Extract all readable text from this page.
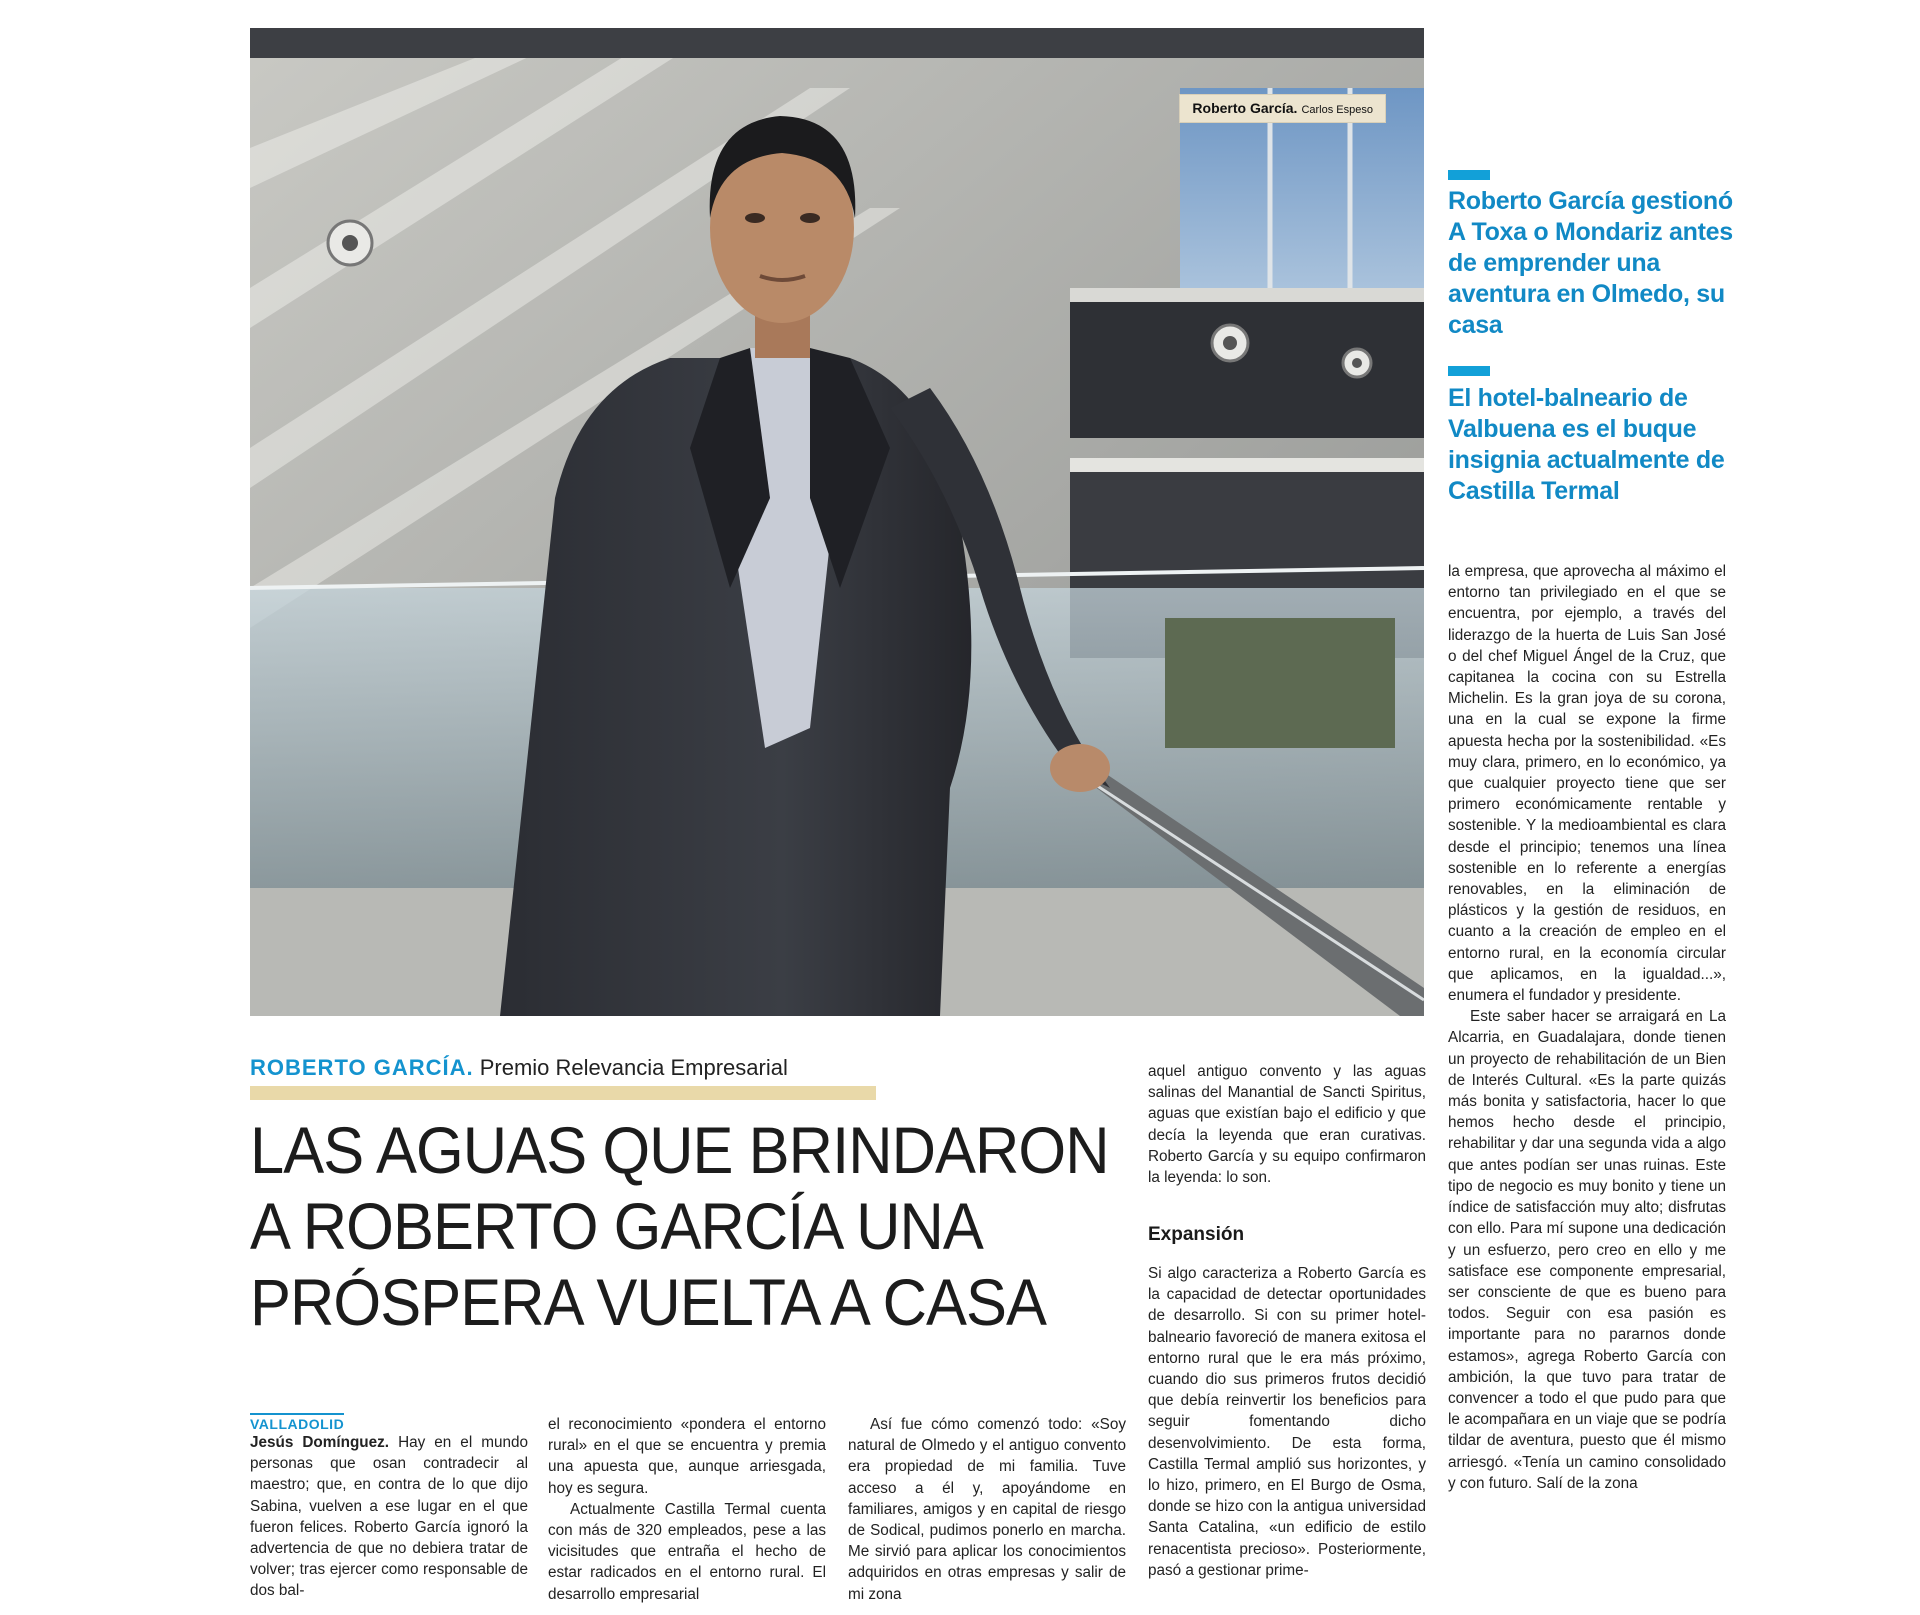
Roberto García. Carlos Espeso
Roberto García gestionó A Toxa o Mondariz antes de emprender una aventura en Olmedo, su casa
El hotel-balneario de Valbuena es el buque insignia actualmente de Castilla Termal
ROBERTO GARCÍA. Premio Relevancia Empresarial
LAS AGUAS QUE BRINDARON
A ROBERTO GARCÍA UNA
PRÓSPERA VUELTA A CASA
VALLADOLID

Jesús Domínguez. Hay en el mundo personas que osan contradecir al maestro; que, en contra de lo que dijo Sabina, vuelven a ese lugar en el que fueron felices. Roberto García ignoró la advertencia de que no debiera tratar de volver; tras ejercer como responsable de dos bal-

el reconocimiento «pondera el entorno rural» en el que se encuentra y premia una apuesta que, aunque arriesgada, hoy es segura.

Actualmente Castilla Termal cuenta con más de 320 empleados, pese a las vicisitudes que entraña el hecho de estar radicados en el entorno rural. El desarrollo empresarial

Así fue cómo comenzó todo: «Soy natural de Olmedo y el antiguo convento era propiedad de mi familia. Tuve acceso a él y, apoyándome en familiares, amigos y en capital de riesgo de Sodical, pudimos ponerlo en marcha. Me sirvió para aplicar los conocimientos adquiridos en otras empresas y salir de mi zona

aquel antiguo convento y las aguas salinas del Manantial de Sancti Spiritus, aguas que existían bajo el edificio y que decía la leyenda que eran curativas. Roberto García y su equipo confirmaron la leyenda: lo son.

Expansión

Si algo caracteriza a Roberto García es la capacidad de detectar oportunidades de desarrollo. Si con su primer hotel-balneario favoreció de manera exitosa el entorno rural que le era más próximo, cuando dio sus primeros frutos decidió que debía reinvertir los beneficios para seguir fomentando dicho desenvolvimiento. De esta forma, Castilla Termal amplió sus horizontes, y lo hizo, primero, en El Burgo de Osma, donde se hizo con la antigua universidad Santa Catalina, «un edificio de estilo renacentista precioso». Posteriormente, pasó a gestionar prime-

la empresa, que aprovecha al máximo el entorno tan privilegiado en el que se encuentra, por ejemplo, a través del liderazgo de la huerta de Luis San José o del chef Miguel Ángel de la Cruz, que capitanea la cocina con su Estrella Michelin. Es la gran joya de su corona, una en la cual se expone la firme apuesta hecha por la sostenibilidad. «Es muy clara, primero, en lo económico, ya que cualquier proyecto tiene que ser primero económicamente rentable y sostenible. Y la medioambiental es clara desde el principio; tenemos una línea sostenible en lo referente a energías renovables, en la eliminación de plásticos y la gestión de residuos, en cuanto a la creación de empleo en el entorno rural, en la economía circular que aplicamos, en la igualdad...», enumera el fundador y presidente.

Este saber hacer se arraigará en La Alcarria, en Guadalajara, donde tienen un proyecto de rehabilitación de un Bien de Interés Cultural. «Es la parte quizás más bonita y satisfactoria, hacer lo que hemos hecho desde el principio, rehabilitar y dar una segunda vida a algo que antes podían ser unas ruinas. Este tipo de negocio es muy bonito y tiene un índice de satisfacción muy alto; disfrutas con ello. Para mí supone una dedicación y un esfuerzo, pero creo en ello y me satisface ese componente empresarial, ser consciente de que es bueno para todos. Seguir con esa pasión es importante para no pararnos donde estamos», agrega Roberto García con ambición, la que tuvo para tratar de convencer a todo el que pudo para que le acompañara en un viaje que se podría tildar de aventura, puesto que él mismo arriesgó. «Tenía un camino consolidado y con futuro. Salí de la zona
